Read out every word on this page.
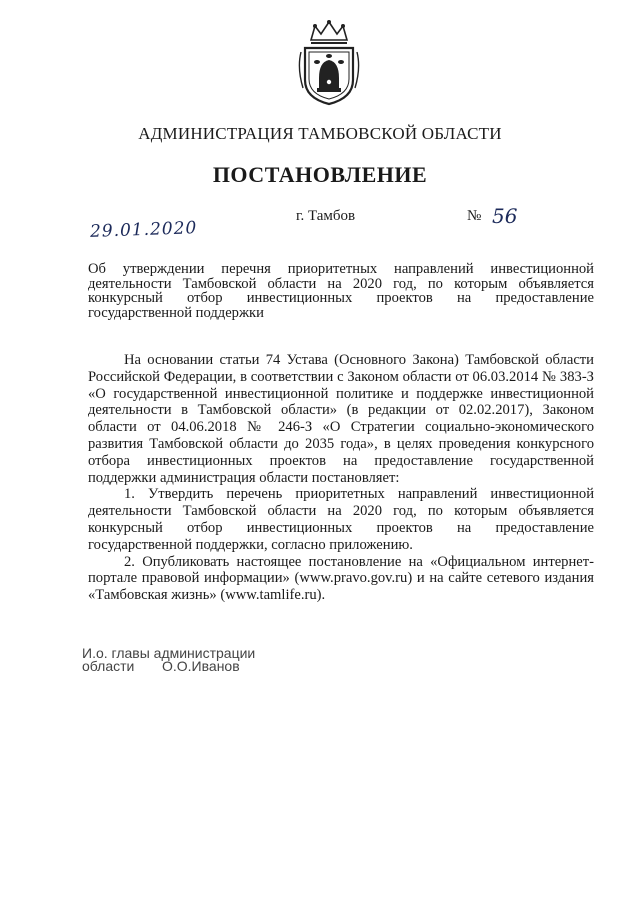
АДМИНИСТРАЦИЯ ТАМБОВСКОЙ ОБЛАСТИ
ПОСТАНОВЛЕНИЕ
29.01.2020
г. Тамбов	№ 56
Об утверждении перечня приоритетных направлений инвестиционной деятельности Тамбовской области на 2020 год, по которым объявляется конкурсный отбор инвестиционных проектов на предоставление государственной поддержки

На основании статьи 74 Устава (Основного Закона) Тамбовской области Российской Федерации, в соответствии с Законом области от 06.03.2014 № 383-З «О государственной инвестиционной политике и поддержке инвестиционной деятельности в Тамбовской области» (в редакции от 02.02.2017), Законом области от 04.06.2018 № 246-З «О Стратегии социально-экономического развития Тамбовской области до 2035 года», в целях проведения конкурсного отбора инвестиционных проектов на предоставление государственной поддержки администрация области постановляет:

1. Утвердить перечень приоритетных направлений инвестиционной деятельности Тамбовской области на 2020 год, по которым объявляется конкурсный отбор инвестиционных проектов на предоставление государственной поддержки, согласно приложению.

2. Опубликовать настоящее постановление на «Официальном интернет-портале правовой информации» (www.pravo.gov.ru) и на сайте сетевого издания «Тамбовская жизнь» (www.tamlife.ru).

И.о. главы администрации
области О.О.Иванов
